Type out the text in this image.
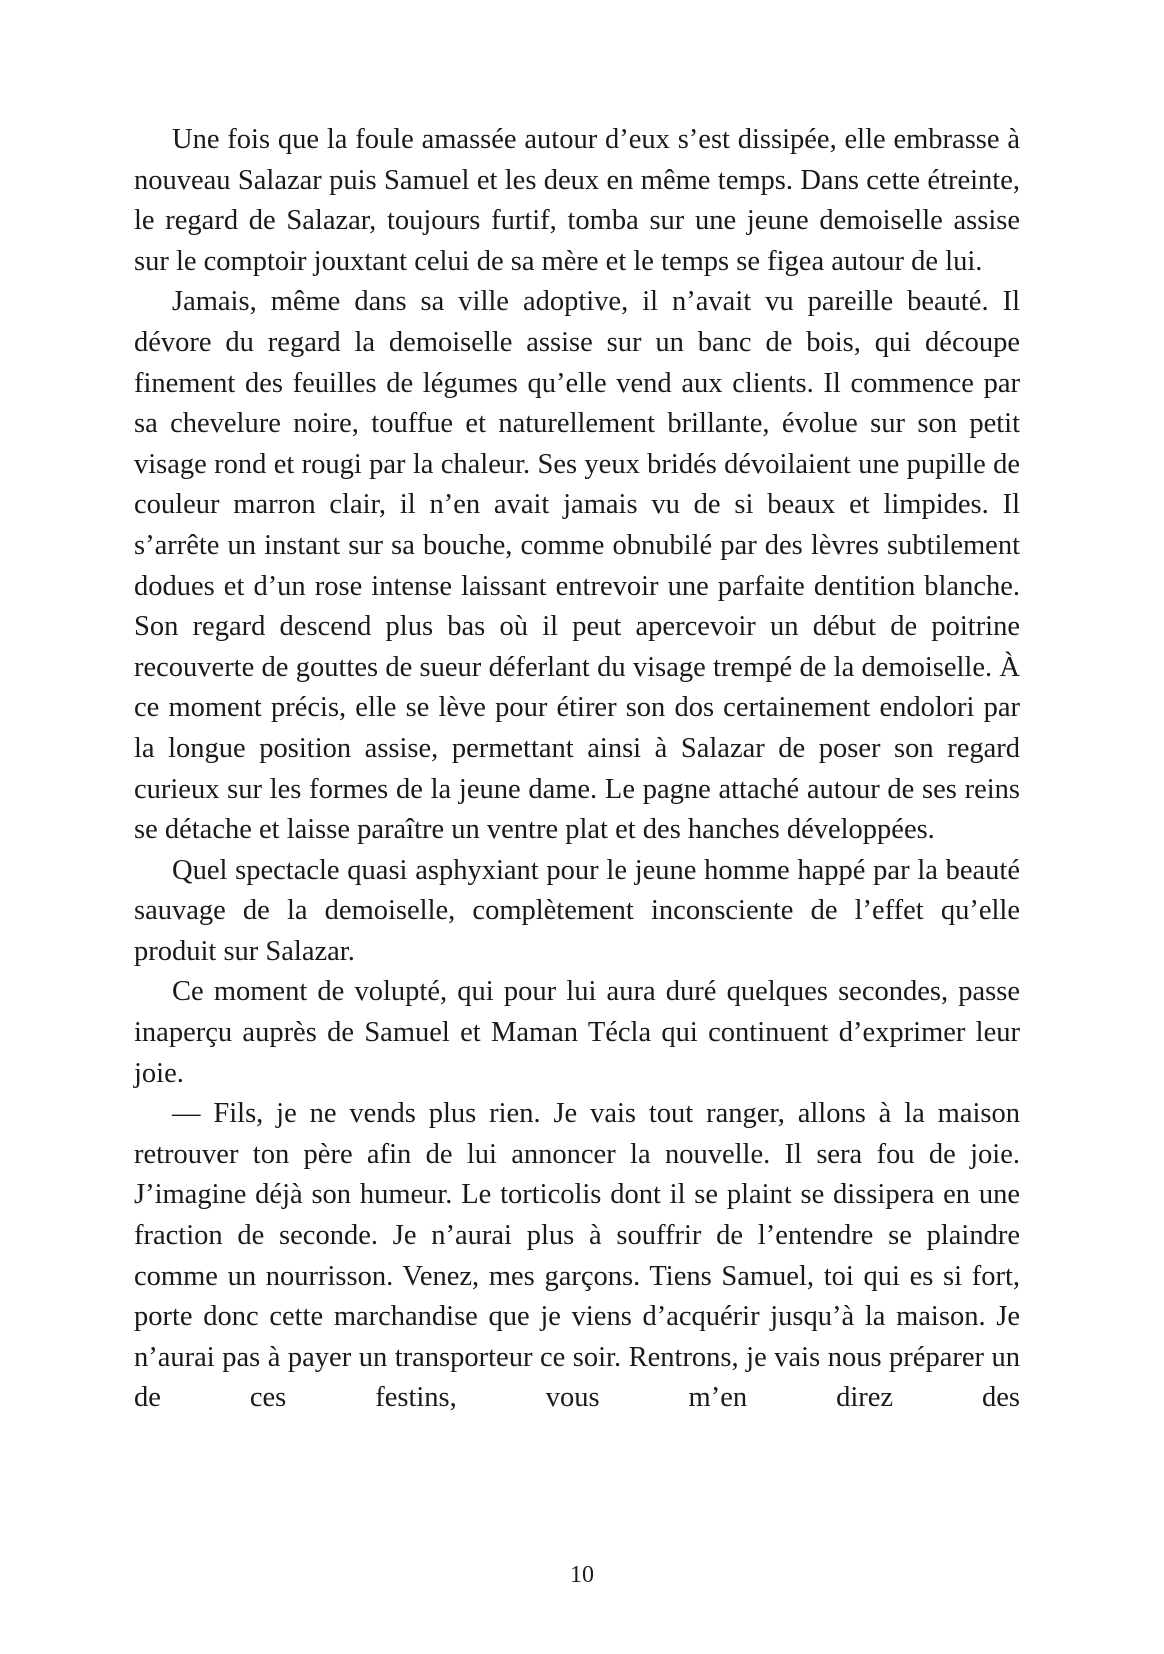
Une fois que la foule amassée autour d’eux s’est dissipée, elle embrasse à nouveau Salazar puis Samuel et les deux en même temps. Dans cette étreinte, le regard de Salazar, toujours furtif, tomba sur une jeune demoiselle assise sur le comptoir jouxtant celui de sa mère et le temps se figea autour de lui.

Jamais, même dans sa ville adoptive, il n’avait vu pareille beauté. Il dévore du regard la demoiselle assise sur un banc de bois, qui découpe finement des feuilles de légumes qu’elle vend aux clients. Il commence par sa chevelure noire, touffue et naturellement brillante, évolue sur son petit visage rond et rougi par la chaleur. Ses yeux bridés dévoilaient une pupille de couleur marron clair, il n’en avait jamais vu de si beaux et limpides. Il s’arrête un instant sur sa bouche, comme obnubilé par des lèvres subtilement dodues et d’un rose intense laissant entrevoir une parfaite dentition blanche. Son regard descend plus bas où il peut apercevoir un début de poitrine recouverte de gouttes de sueur déferlant du visage trempé de la demoiselle. À ce moment précis, elle se lève pour étirer son dos certainement endolori par la longue position assise, permettant ainsi à Salazar de poser son regard curieux sur les formes de la jeune dame. Le pagne attaché autour de ses reins se détache et laisse paraître un ventre plat et des hanches développées.

Quel spectacle quasi asphyxiant pour le jeune homme happé par la beauté sauvage de la demoiselle, complètement inconsciente de l’effet qu’elle produit sur Salazar.

Ce moment de volupté, qui pour lui aura duré quelques secondes, passe inaperçu auprès de Samuel et Maman Técla qui continuent d’exprimer leur joie.

— Fils, je ne vends plus rien. Je vais tout ranger, allons à la maison retrouver ton père afin de lui annoncer la nouvelle. Il sera fou de joie. J’imagine déjà son humeur. Le torticolis dont il se plaint se dissipera en une fraction de seconde. Je n’aurai plus à souffrir de l’entendre se plaindre comme un nourrisson. Venez, mes garçons. Tiens Samuel, toi qui es si fort, porte donc cette marchandise que je viens d’acquérir jusqu’à la maison. Je n’aurai pas à payer un transporteur ce soir. Rentrons, je vais nous préparer un de ces festins, vous m’en direz des

10
